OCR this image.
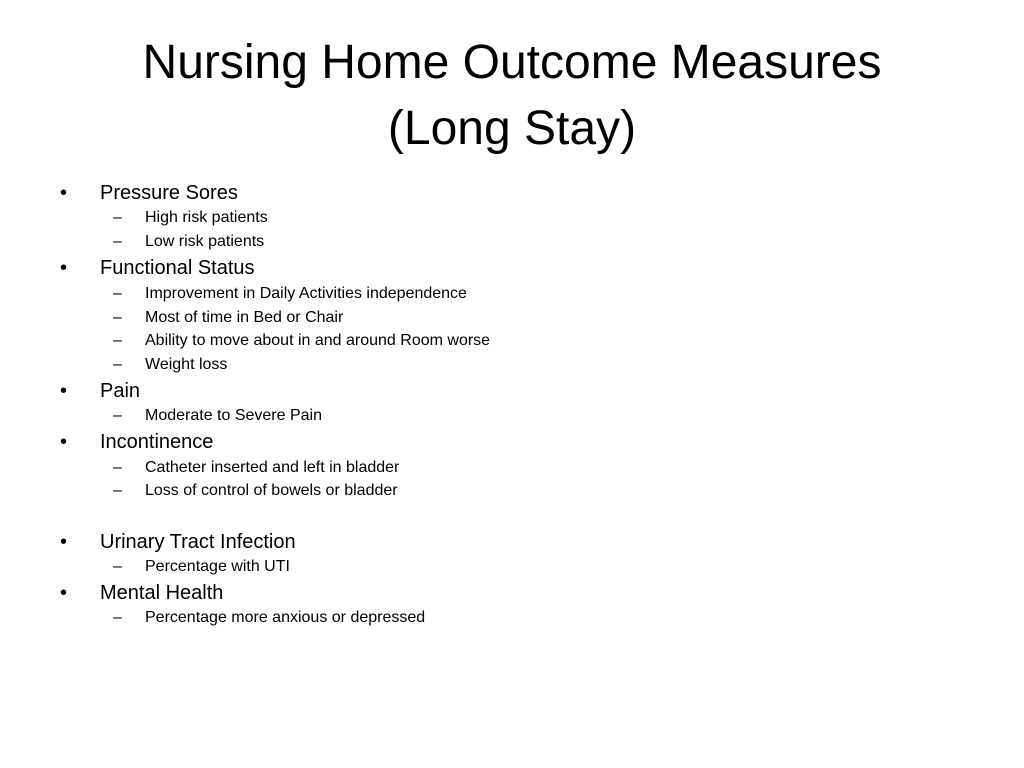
Nursing Home Outcome Measures
(Long Stay)
• Pressure Sores
– High risk patients
– Low risk patients
• Functional Status
– Improvement in Daily Activities independence
– Most of time in Bed or Chair
– Ability to move about in and around Room worse
– Weight loss
• Pain
– Moderate to Severe Pain
• Incontinence
– Catheter inserted and left in bladder
– Loss of control of bowels or bladder
• Urinary Tract Infection
– Percentage with UTI
• Mental Health
– Percentage more anxious or depressed
